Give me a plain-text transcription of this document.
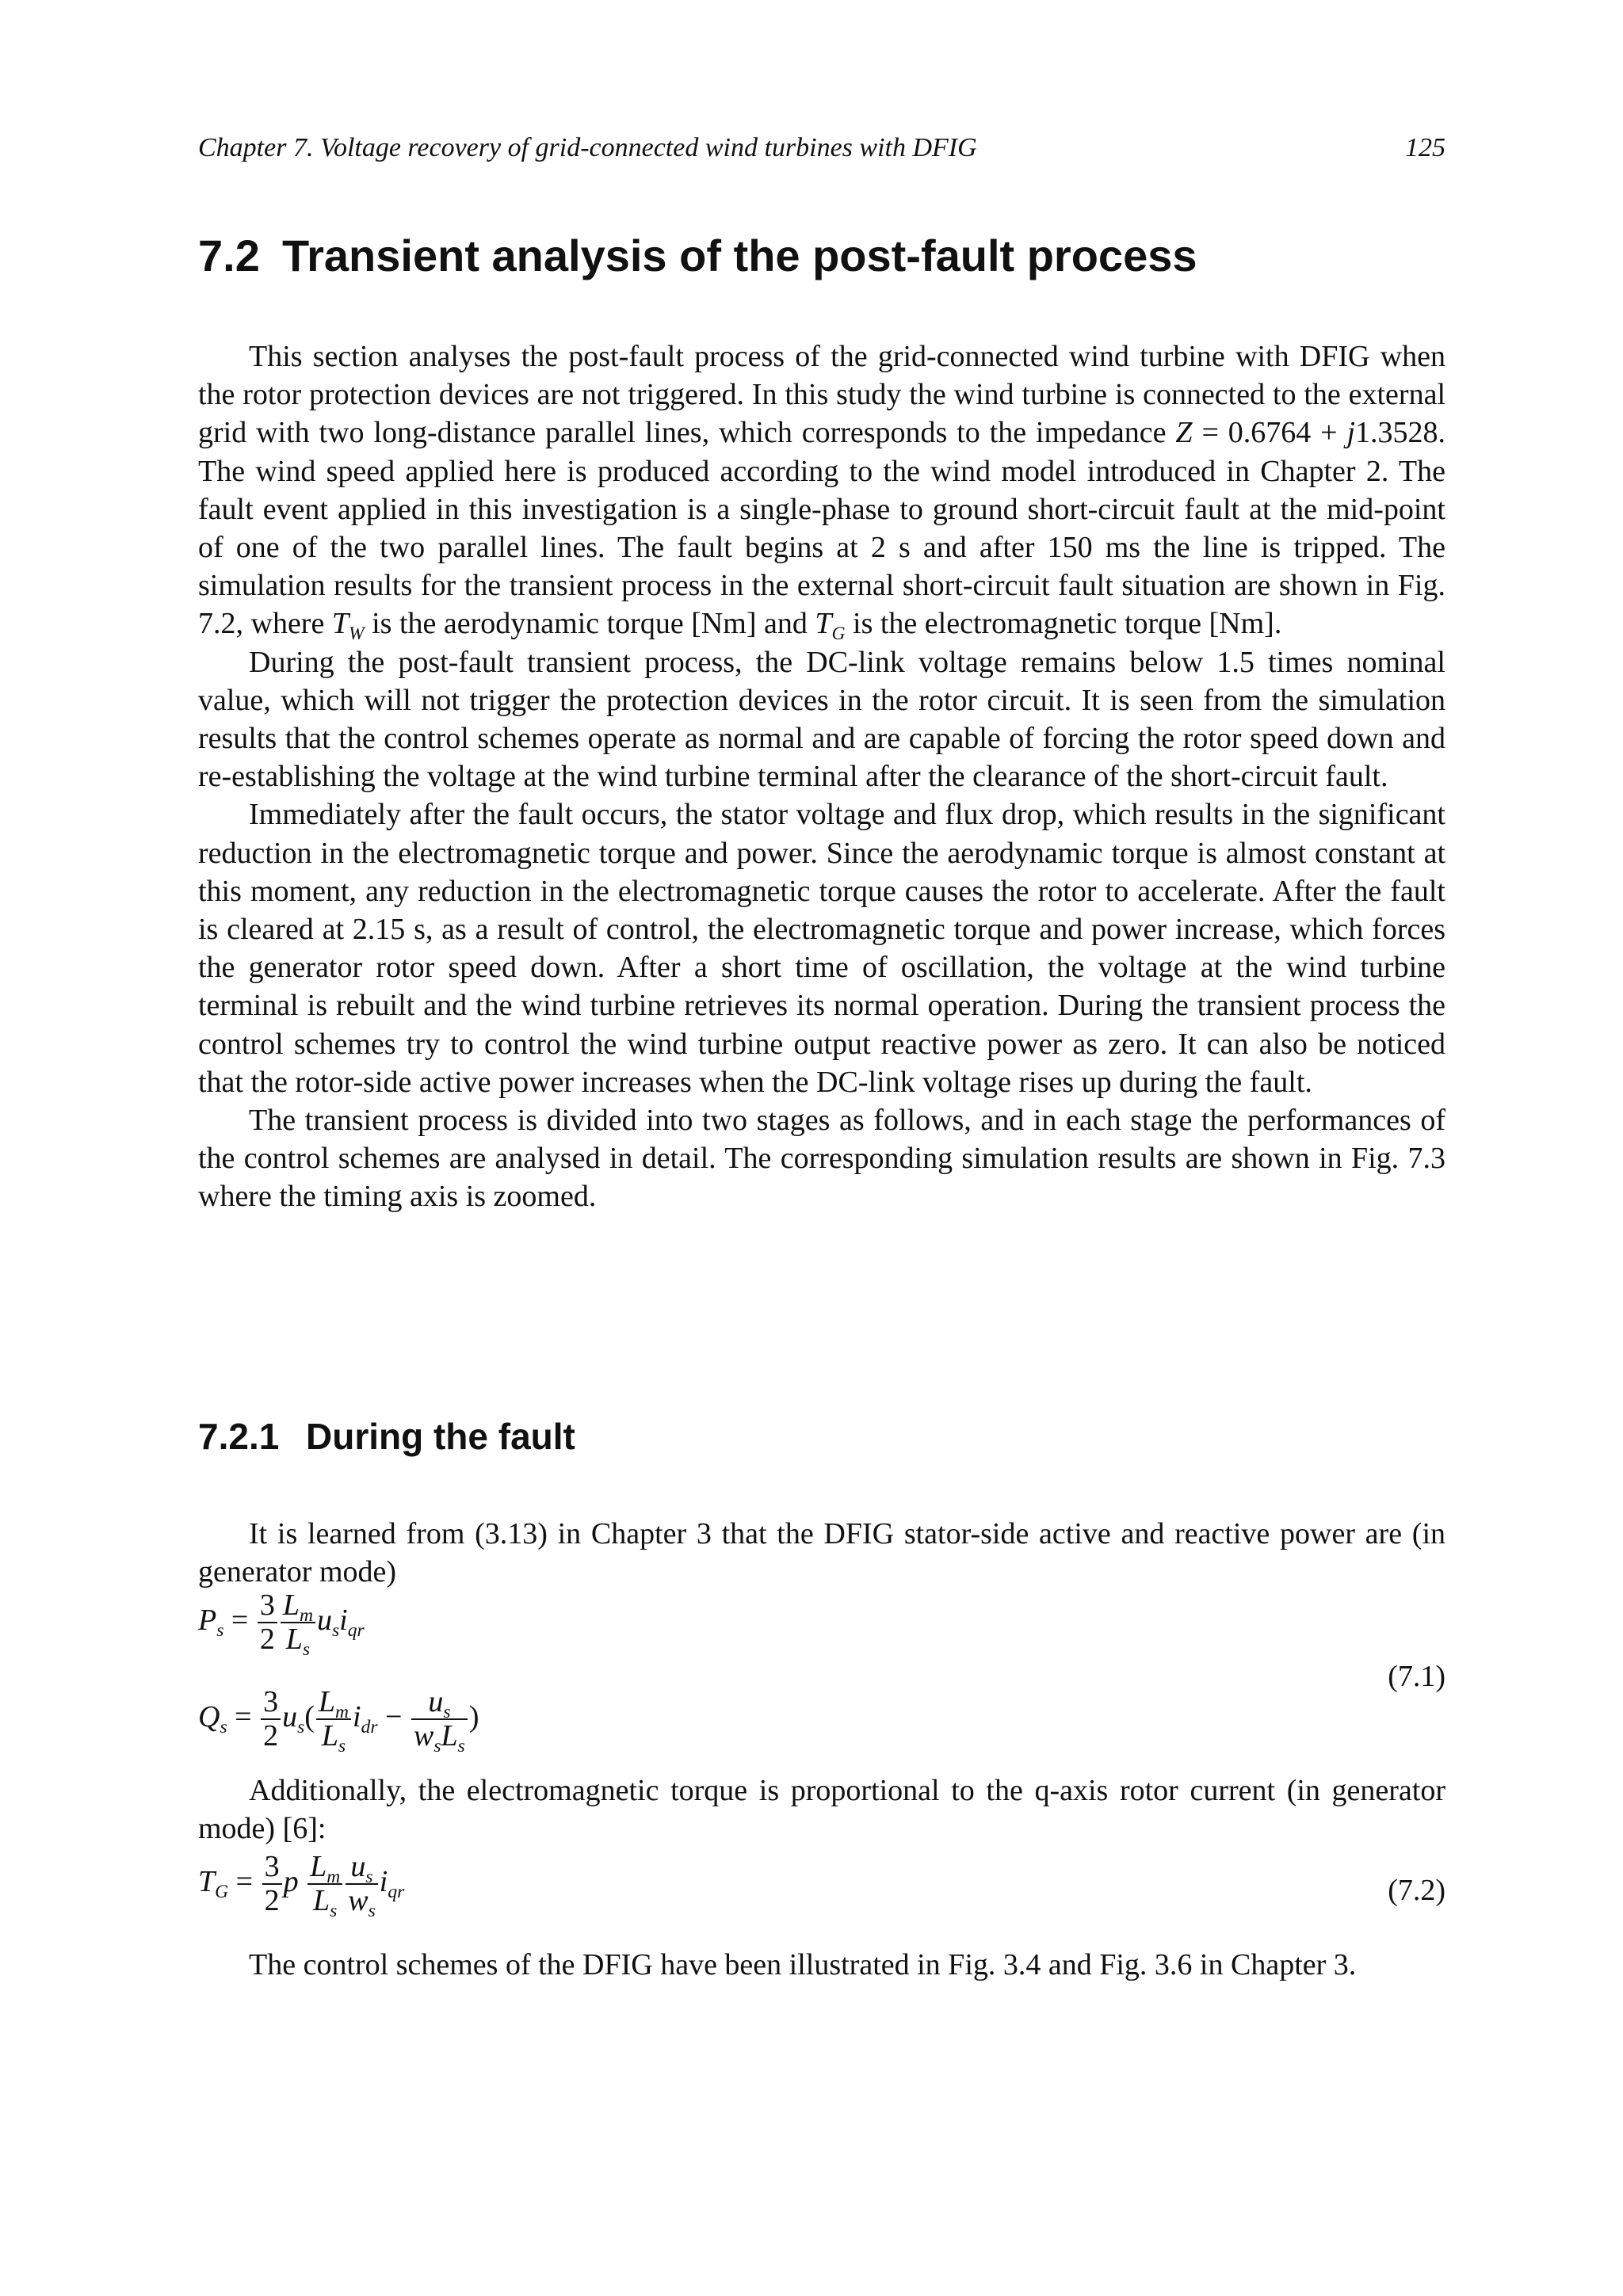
Chapter 7. Voltage recovery of grid-connected wind turbines with DFIG	125
7.2 Transient analysis of the post-fault process

This section analyses the post-fault process of the grid-connected wind turbine with DFIG when the rotor protection devices are not triggered. In this study the wind turbine is connected to the external grid with two long-distance parallel lines, which corresponds to the impedance Z = 0.6764 + j1.3528. The wind speed applied here is produced according to the wind model introduced in Chapter 2. The fault event applied in this investigation is a single-phase to ground short-circuit fault at the mid-point of one of the two parallel lines. The fault begins at 2 s and after 150 ms the line is tripped. The simulation results for the transient process in the external short-circuit fault situation are shown in Fig. 7.2, where $T_W$ is the aerodynamic torque [Nm] and $T_G$ is the electromagnetic torque [Nm].

During the post-fault transient process, the DC-link voltage remains below 1.5 times nominal value, which will not trigger the protection devices in the rotor circuit. It is seen from the simulation results that the control schemes operate as normal and are capable of forcing the rotor speed down and re-establishing the voltage at the wind turbine terminal after the clearance of the short-circuit fault.

Immediately after the fault occurs, the stator voltage and flux drop, which results in the significant reduction in the electromagnetic torque and power. Since the aerodynamic torque is almost constant at this moment, any reduction in the electromagnetic torque causes the rotor to accelerate. After the fault is cleared at 2.15 s, as a result of control, the electromagnetic torque and power increase, which forces the generator rotor speed down. After a short time of oscillation, the voltage at the wind turbine terminal is rebuilt and the wind turbine retrieves its normal operation. During the transient process the control schemes try to control the wind turbine output reactive power as zero. It can also be noticed that the rotor-side active power increases when the DC-link voltage rises up during the fault.

The transient process is divided into two stages as follows, and in each stage the performances of the control schemes are analysed in detail. The corresponding simulation results are shown in Fig. 7.3 where the timing axis is zoomed.

7.2.1 During the fault

It is learned from (3.13) in Chapter 3 that the DFIG stator-side active and reactive power are (in generator mode)

$P_s = \frac{3}{2} \frac{L_m}{L_s} u_si_{qr}$
(7.1)
$Q_s = \frac{3}{2} u_s( \frac{L_m}{L_s} i_{dr} - \frac{u_s}{w_sL_s}$ )

Additionally, the electromagnetic torque is proportional to the q-axis rotor current (in generator mode) [6]:

$T_G = \frac{3}{2}$ p $\frac{L_m}{L_s} \frac{u_s}{w_s} i_{qr}$	(7.2)

The control schemes of the DFIG have been illustrated in Fig. 3.4 and Fig. 3.6 in Chapter 3.
